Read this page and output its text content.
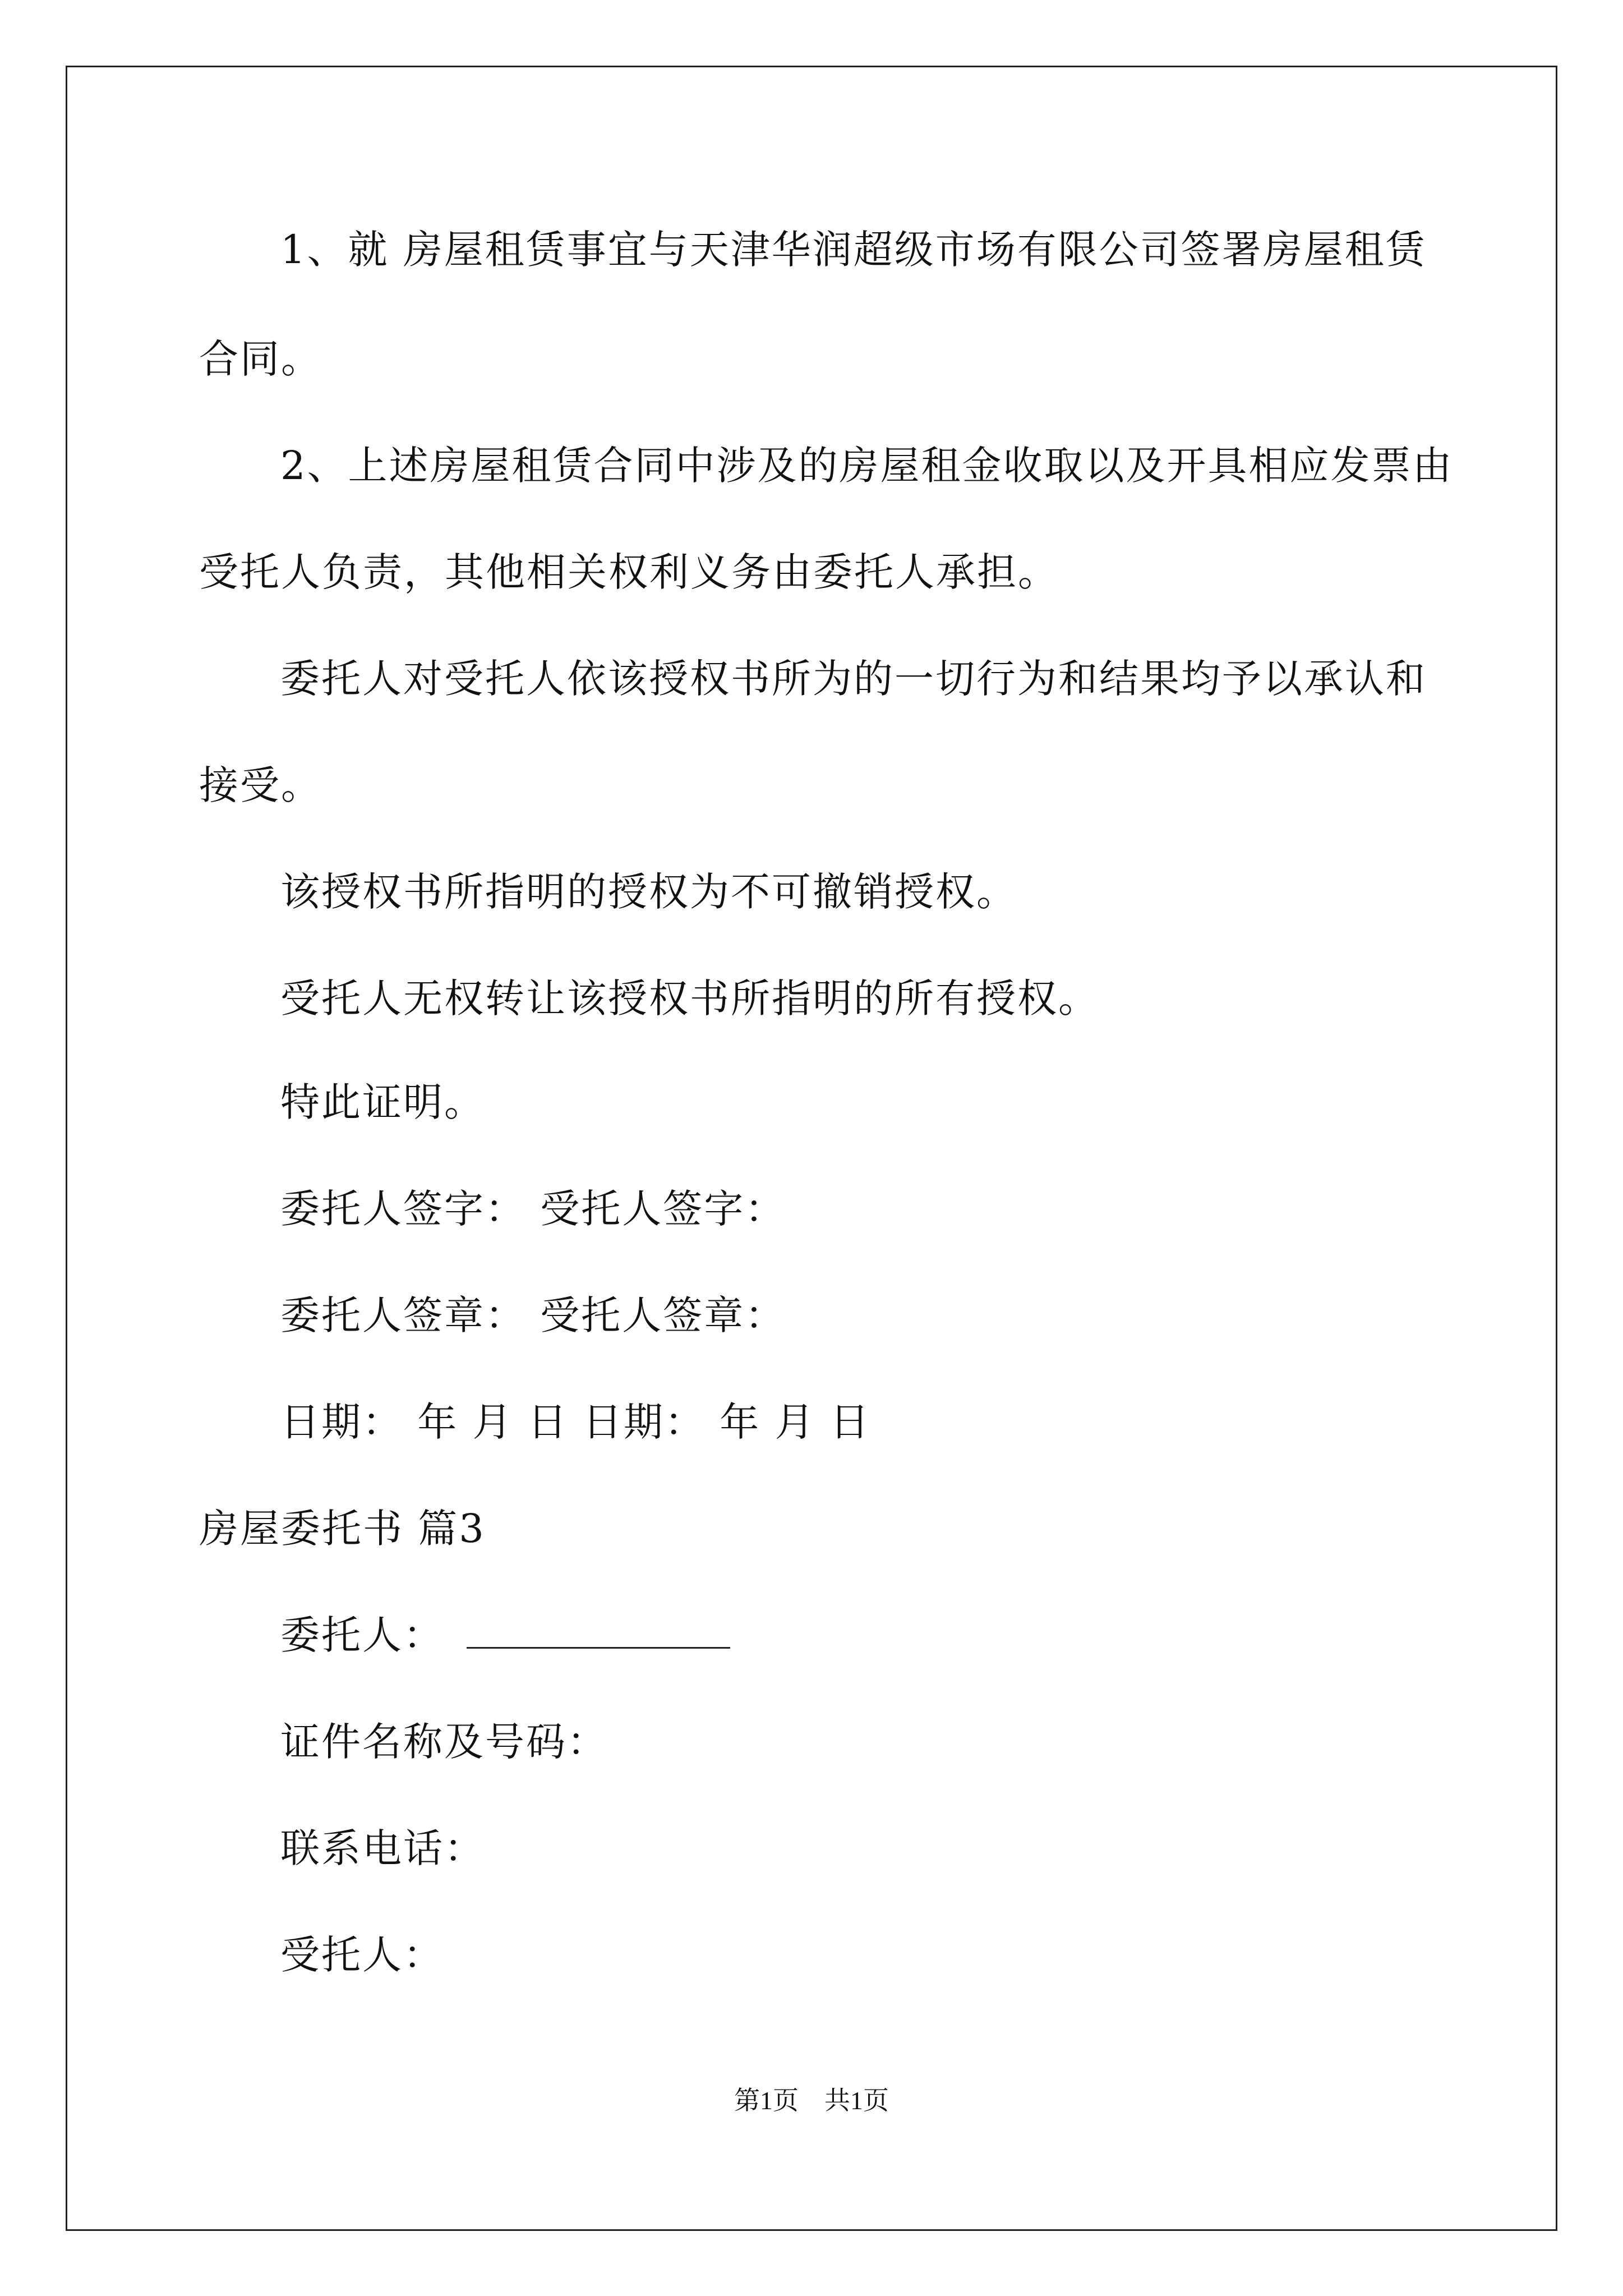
1、就 房屋租赁事宜与天津华润超级市场有限公司签署房屋租赁
合同。
2、上述房屋租赁合同中涉及的房屋租金收取以及开具相应发票由
受托人负责，其他相关权利义务由委托人承担。
委托人对受托人依该授权书所为的一切行为和结果均予以承认和
接受。
该授权书所指明的授权为不可撤销授权。
受托人无权转让该授权书所指明的所有授权。
特此证明。
委托人签字： 受托人签字：
委托人签章： 受托人签章：
日期： 年 月 日 日期： 年 月 日
房屋委托书 篇3
委托人：
证件名称及号码：
联系电话：
受托人：
第1页　共1页
